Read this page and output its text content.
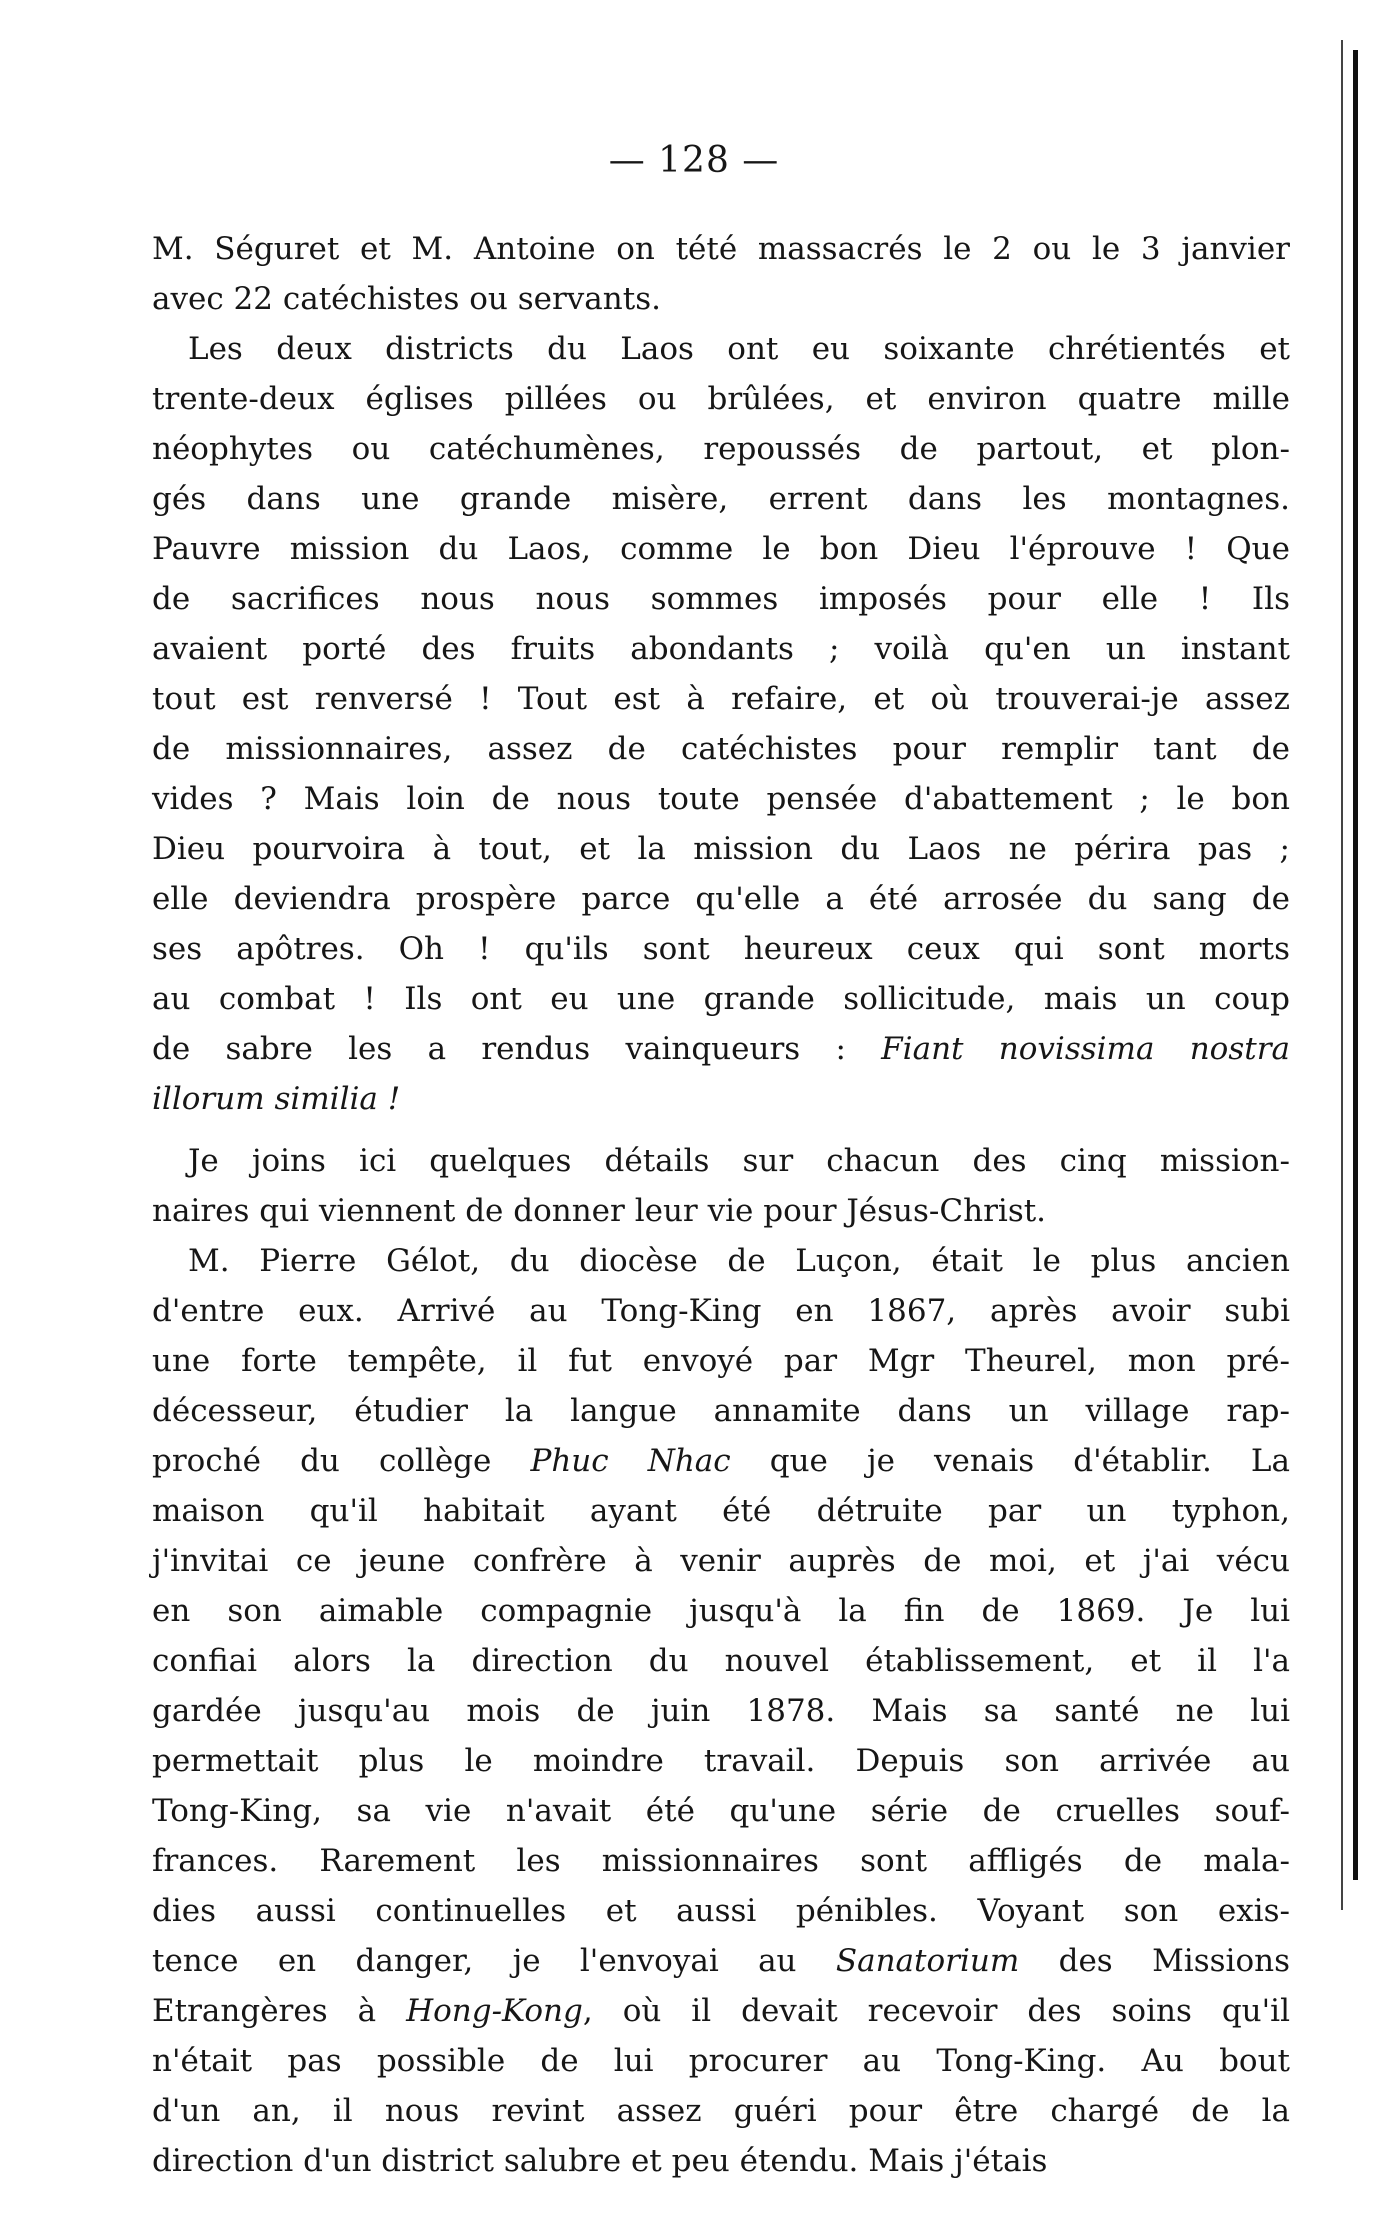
— 128 —
M. Séguret et M. Antoine on tété massacrés le 2 ou le 3 janvier
avec 22 catéchistes ou servants.
Les deux districts du Laos ont eu soixante chrétientés et
trente-deux églises pillées ou brûlées, et environ quatre mille
néophytes ou catéchumènes, repoussés de partout, et plon-
gés dans une grande misère, errent dans les montagnes.
Pauvre mission du Laos, comme le bon Dieu l'éprouve ! Que
de sacrifices nous nous sommes imposés pour elle ! Ils
avaient porté des fruits abondants ; voilà qu'en un instant
tout est renversé ! Tout est à refaire, et où trouverai-je assez
de missionnaires, assez de catéchistes pour remplir tant de
vides ? Mais loin de nous toute pensée d'abattement ; le bon
Dieu pourvoira à tout, et la mission du Laos ne périra pas ;
elle deviendra prospère parce qu'elle a été arrosée du sang de
ses apôtres. Oh ! qu'ils sont heureux ceux qui sont morts
au combat ! Ils ont eu une grande sollicitude, mais un coup
de sabre les a rendus vainqueurs : Fiant novissima nostra
illorum similia !
Je joins ici quelques détails sur chacun des cinq mission-
naires qui viennent de donner leur vie pour Jésus-Christ.
M. Pierre Gélot, du diocèse de Luçon, était le plus ancien
d'entre eux. Arrivé au Tong-King en 1867, après avoir subi
une forte tempête, il fut envoyé par Mgr Theurel, mon pré-
décesseur, étudier la langue annamite dans un village rap-
proché du collège Phuc Nhac que je venais d'établir. La
maison qu'il habitait ayant été détruite par un typhon,
j'invitai ce jeune confrère à venir auprès de moi, et j'ai vécu
en son aimable compagnie jusqu'à la fin de 1869. Je lui
confiai alors la direction du nouvel établissement, et il l'a
gardée jusqu'au mois de juin 1878. Mais sa santé ne lui
permettait plus le moindre travail. Depuis son arrivée au
Tong-King, sa vie n'avait été qu'une série de cruelles souf-
frances. Rarement les missionnaires sont affligés de mala-
dies aussi continuelles et aussi pénibles. Voyant son exis-
tence en danger, je l'envoyai au Sanatorium des Missions
Etrangères à Hong-Kong, où il devait recevoir des soins qu'il
n'était pas possible de lui procurer au Tong-King. Au bout
d'un an, il nous revint assez guéri pour être chargé de la
direction d'un district salubre et peu étendu. Mais j'étais
